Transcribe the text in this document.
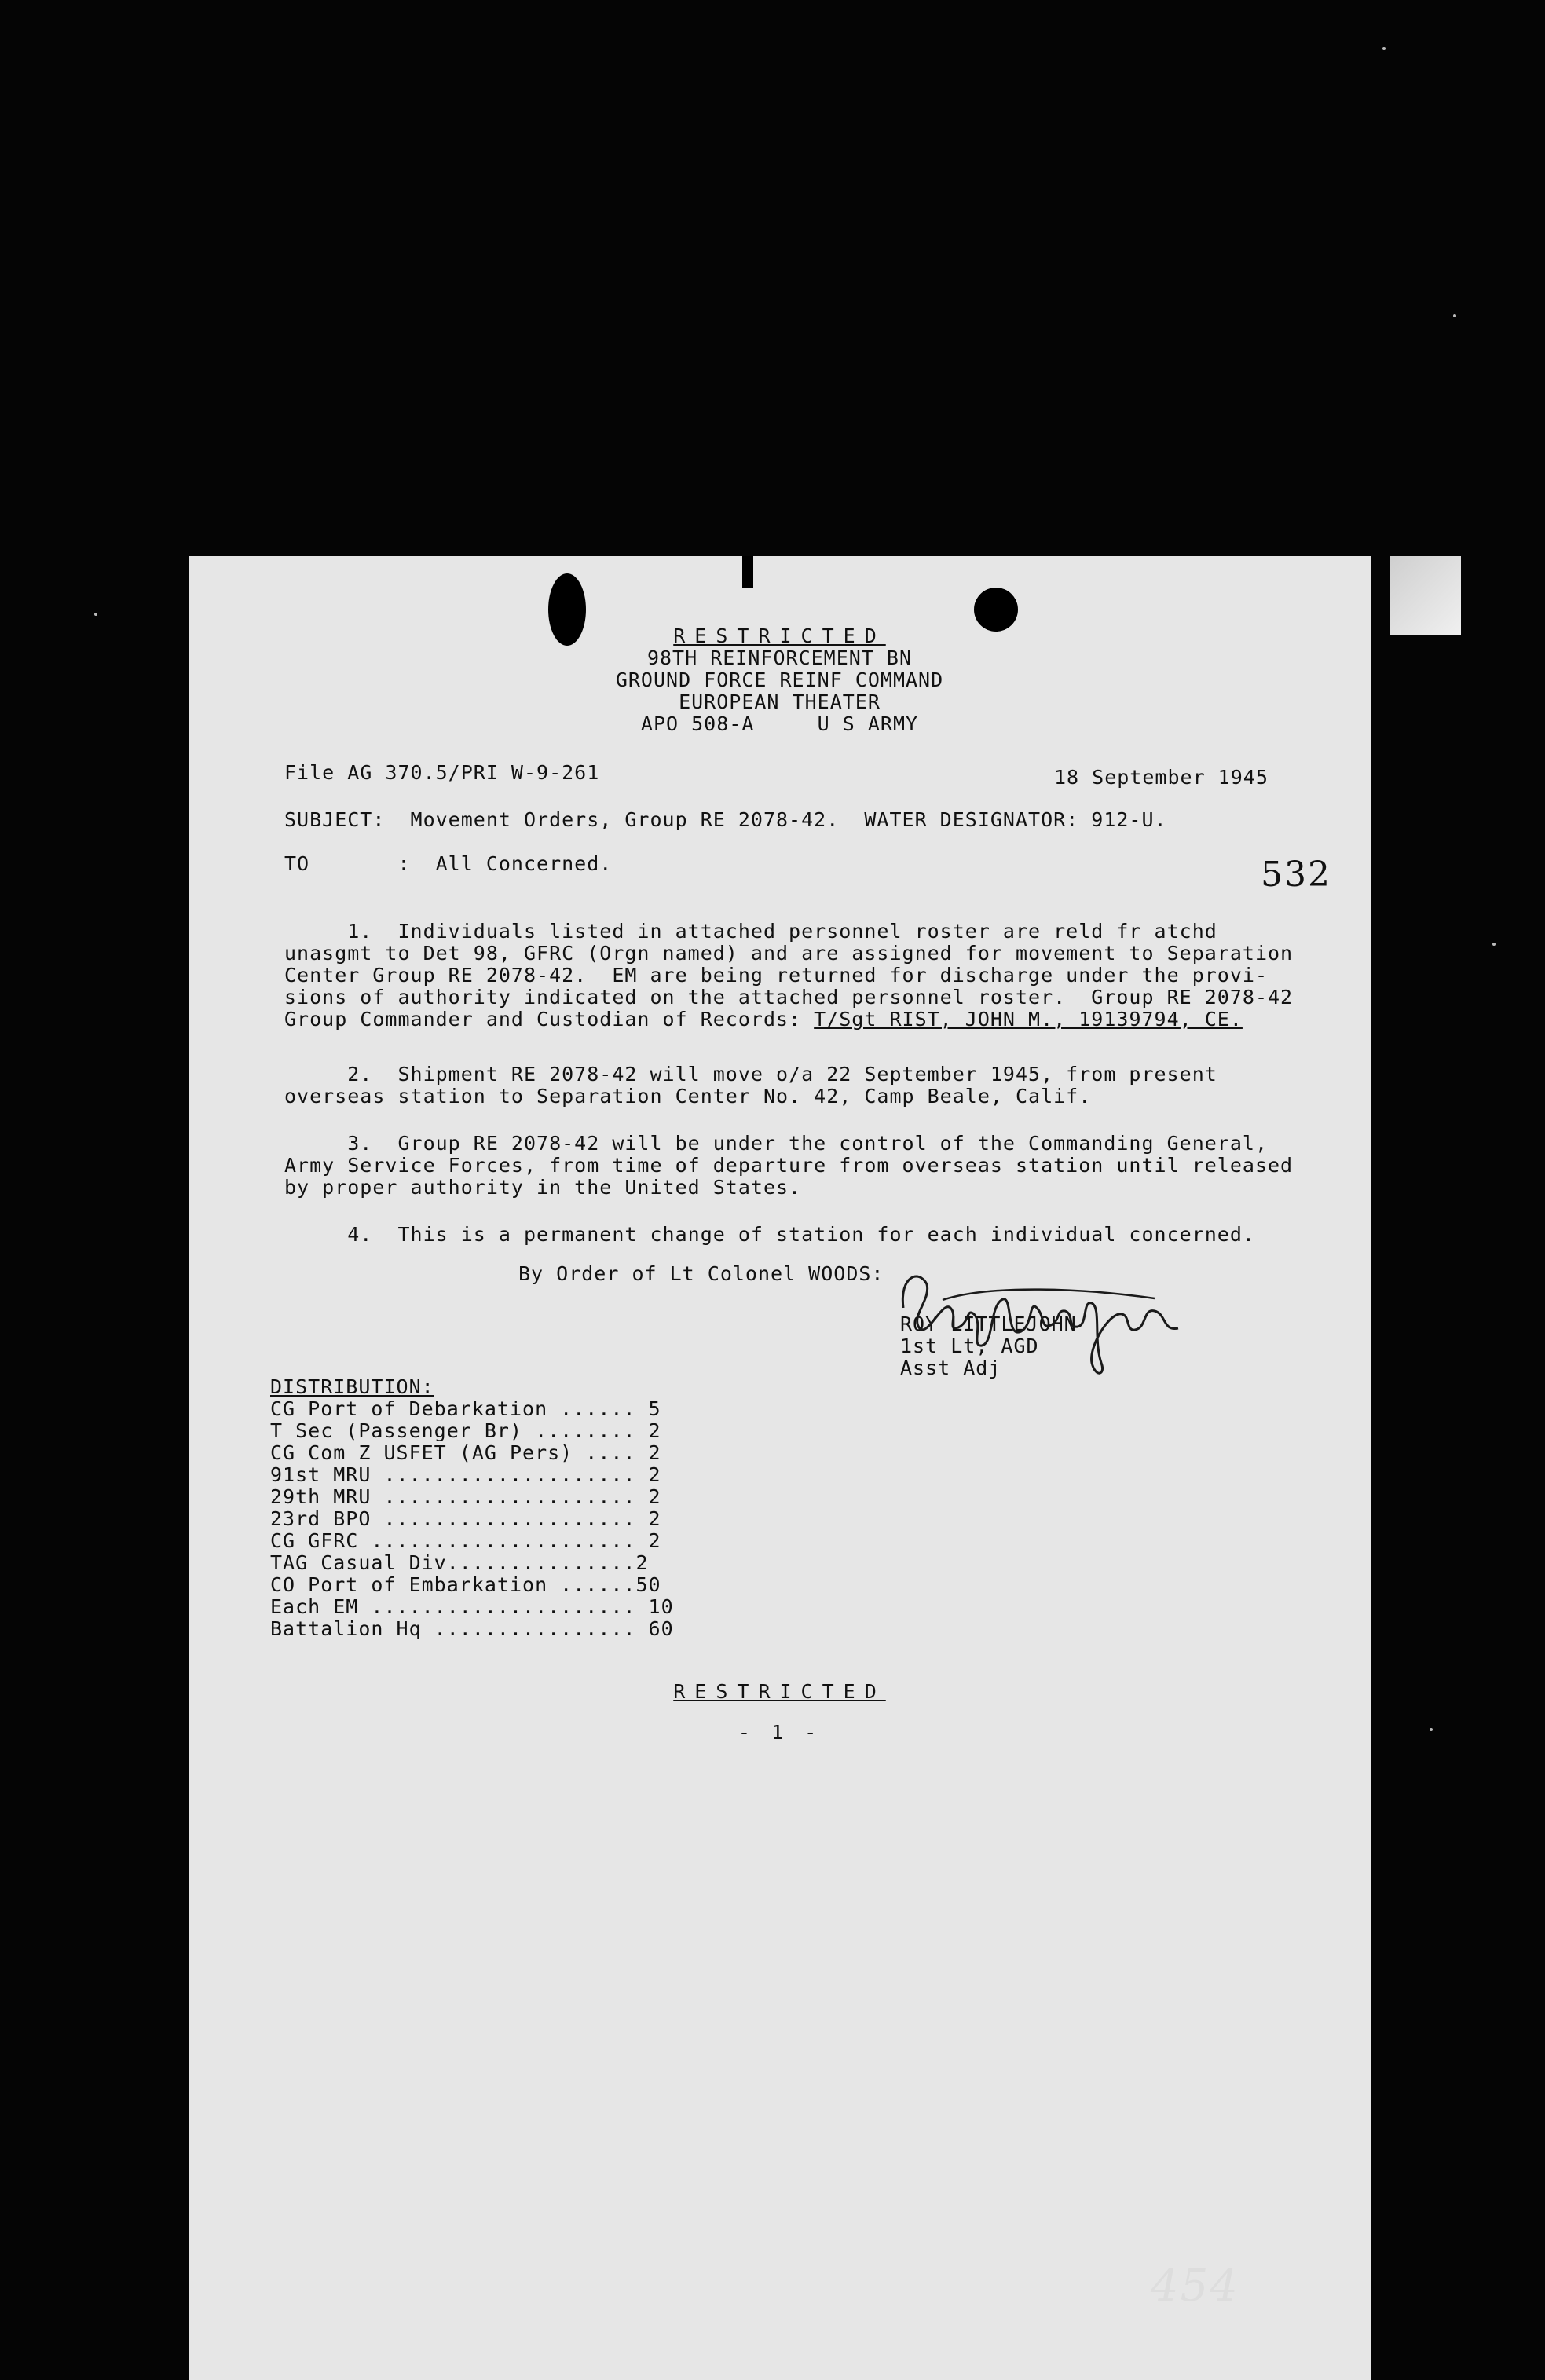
RESTRICTED
98TH REINFORCEMENT BN
GROUND FORCE REINF COMMAND
EUROPEAN THEATER
APO 508-A     U S ARMY
File AG 370.5/PRI W-9-261	18 September 1945
SUBJECT:  Movement Orders, Group RE 2078-42.  WATER DESIGNATOR: 912-U.
TO       :  All Concerned.	532
1.  Individuals listed in attached personnel roster are reld fr atchd
unasgmt to Det 98, GFRC (Orgn named) and are assigned for movement to Separation
Center Group RE 2078-42.  EM are being returned for discharge under the provi-
sions of authority indicated on the attached personnel roster.  Group RE 2078-42
Group Commander and Custodian of Records: T/Sgt RIST, JOHN M., 19139794, CE.
2.  Shipment RE 2078-42 will move o/a 22 September 1945, from present
overseas station to Separation Center No. 42, Camp Beale, Calif.
3.  Group RE 2078-42 will be under the control of the Commanding General,
Army Service Forces, from time of departure from overseas station until released
by proper authority in the United States.
4.  This is a permanent change of station for each individual concerned.
By Order of Lt Colonel WOODS:
ROY LITTLEJOHN
1st Lt, AGD
Asst Adj
DISTRIBUTION:
CG Port of Debarkation ...... 5
T Sec (Passenger Br) ........ 2
CG Com Z USFET (AG Pers) .... 2
91st MRU .................... 2
29th MRU .................... 2
23rd BPO .................... 2
CG GFRC ..................... 2
TAG Casual Div...............2
CO Port of Embarkation ......50
Each EM ..................... 10
Battalion Hq ................ 60
RESTRICTED
- 1 -
454
